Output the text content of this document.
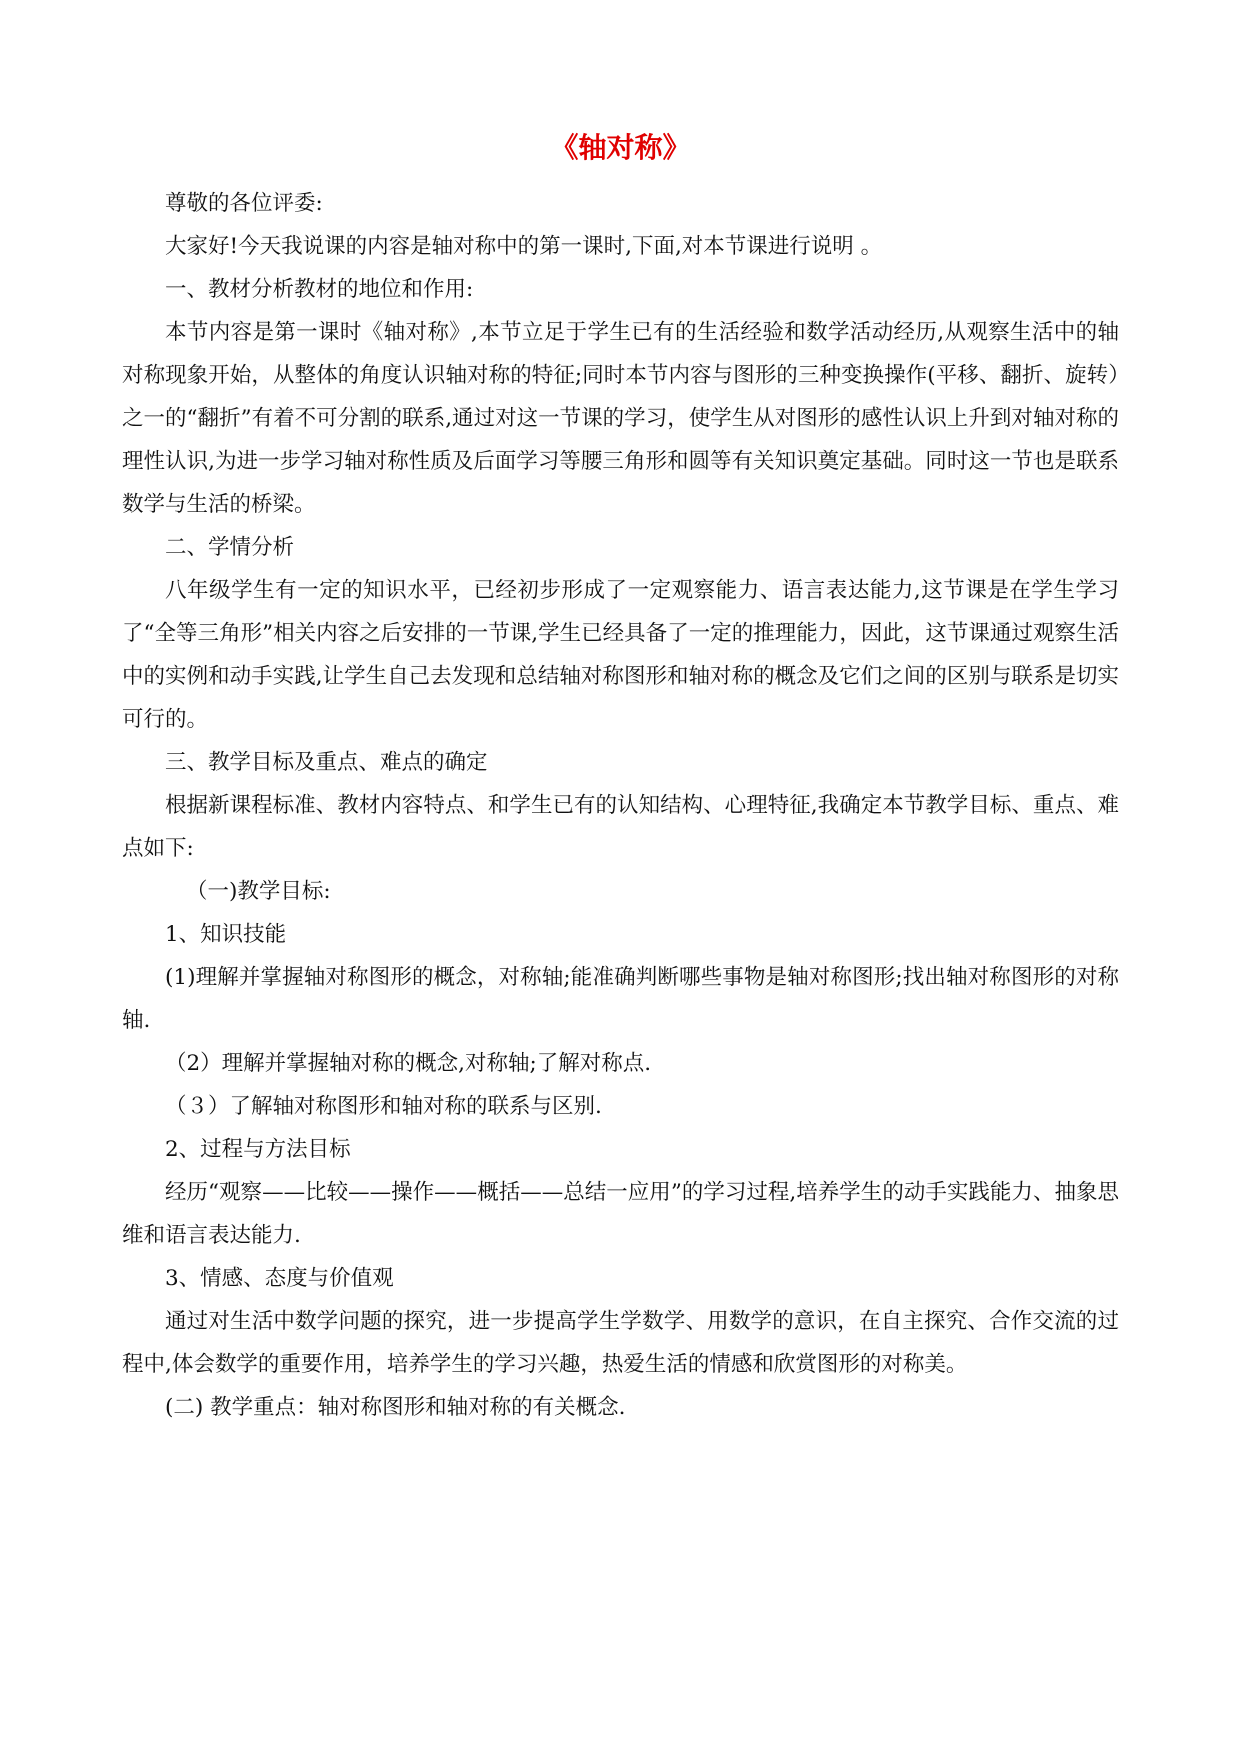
《轴对称》

尊敬的各位评委:

大家好!今天我说课的内容是轴对称中的第一课时,下面,对本节课进行说明 。

一、教材分析教材的地位和作用:

本节内容是第一课时《轴对称》,本节立足于学生已有的生活经验和数学活动经历,从观察生活中的轴对称现象开始，从整体的角度认识轴对称的特征;同时本节内容与图形的三种变换操作(平移、翻折、旋转）之一的“翻折”有着不可分割的联系,通过对这一节课的学习，使学生从对图形的感性认识上升到对轴对称的理性认识,为进一步学习轴对称性质及后面学习等腰三角形和圆等有关知识奠定基础。同时这一节也是联系数学与生活的桥梁。

二、学情分析

八年级学生有一定的知识水平，已经初步形成了一定观察能力、语言表达能力,这节课是在学生学习了“全等三角形”相关内容之后安排的一节课,学生已经具备了一定的推理能力，因此，这节课通过观察生活中的实例和动手实践,让学生自己去发现和总结轴对称图形和轴对称的概念及它们之间的区别与联系是切实可行的。

三、教学目标及重点、难点的确定

根据新课程标准、教材内容特点、和学生已有的认知结构、心理特征,我确定本节教学目标、重点、难点如下:

（一)教学目标:

1、知识技能

(1)理解并掌握轴对称图形的概念，对称轴;能准确判断哪些事物是轴对称图形;找出轴对称图形的对称轴.

（2）理解并掌握轴对称的概念,对称轴;了解对称点.

（３）了解轴对称图形和轴对称的联系与区别.

2、过程与方法目标

经历“观察——比较——操作——概括——总结一应用”的学习过程,培养学生的动手实践能力、抽象思维和语言表达能力.

3、情感、态度与价值观

通过对生活中数学问题的探究，进一步提高学生学数学、用数学的意识，在自主探究、合作交流的过程中,体会数学的重要作用，培养学生的学习兴趣，热爱生活的情感和欣赏图形的对称美。

(二) 教学重点：轴对称图形和轴对称的有关概念.
